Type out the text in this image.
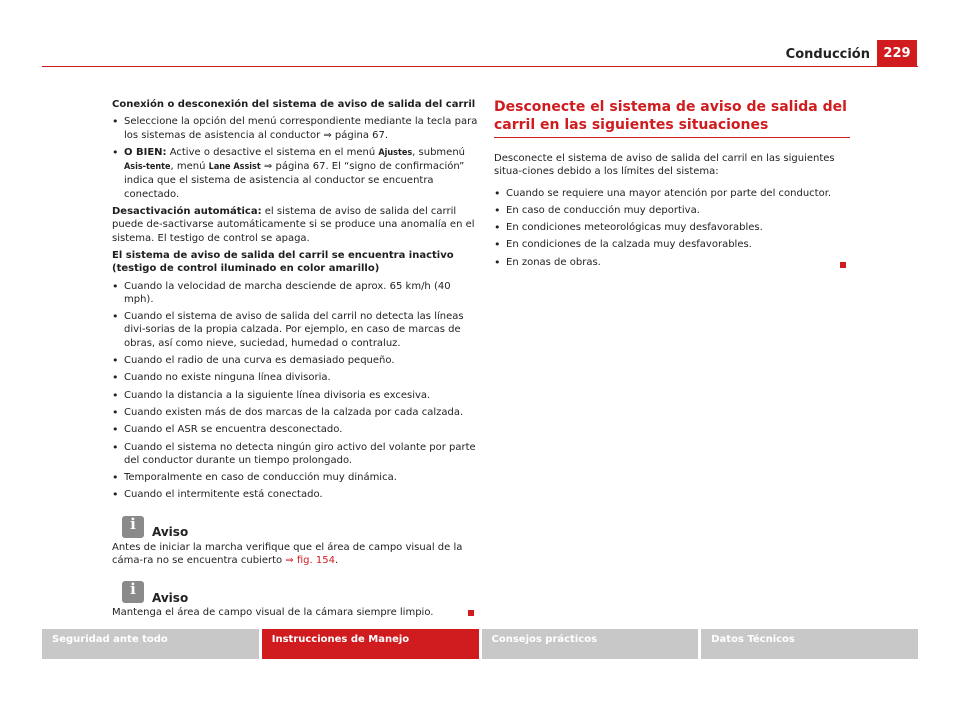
Conducción	229

Conexión o desconexión del sistema de aviso de salida del carril

• Seleccione la opción del menú correspondiente mediante la tecla para los sistemas de asistencia al conductor ⇒ página 67.
• O BIEN: Active o desactive el sistema en el menú Ajustes, submenú Asis-tente, menú Lane Assist ⇒ página 67. El “signo de confirmación” indica que el sistema de asistencia al conductor se encuentra conectado.

Desactivación automática: el sistema de aviso de salida del carril puede de-sactivarse automáticamente si se produce una anomalía en el sistema. El testigo de control se apaga.

El sistema de aviso de salida del carril se encuentra inactivo (testigo de control iluminado en color amarillo)

• Cuando la velocidad de marcha desciende de aprox. 65 km/h (40 mph).
• Cuando el sistema de aviso de salida del carril no detecta las líneas divi-sorias de la propia calzada. Por ejemplo, en caso de marcas de obras, así como nieve, suciedad, humedad o contraluz.
• Cuando el radio de una curva es demasiado pequeño.
• Cuando no existe ninguna línea divisoria.
• Cuando la distancia a la siguiente línea divisoria es excesiva.
• Cuando existen más de dos marcas de la calzada por cada calzada.
• Cuando el ASR se encuentra desconectado.
• Cuando el sistema no detecta ningún giro activo del volante por parte del conductor durante un tiempo prolongado.
• Temporalmente en caso de conducción muy dinámica.
• Cuando el intermitente está conectado.
i	Aviso

Antes de iniciar la marcha verifique que el área de campo visual de la cáma-ra no se encuentra cubierto ⇒ fig. 154.

i	Aviso

Mantenga el área de campo visual de la cámara siempre limpio.

Desconecte el sistema de aviso de salida del carril en las siguientes situaciones

Desconecte el sistema de aviso de salida del carril en las siguientes situa-ciones debido a los límites del sistema:

• Cuando se requiere una mayor atención por parte del conductor.
• En caso de conducción muy deportiva.
• En condiciones meteorológicas muy desfavorables.
• En condiciones de la calzada muy desfavorables.
• En zonas de obras.
Seguridad ante todo	Instrucciones de Manejo	Consejos prácticos	Datos Técnicos
